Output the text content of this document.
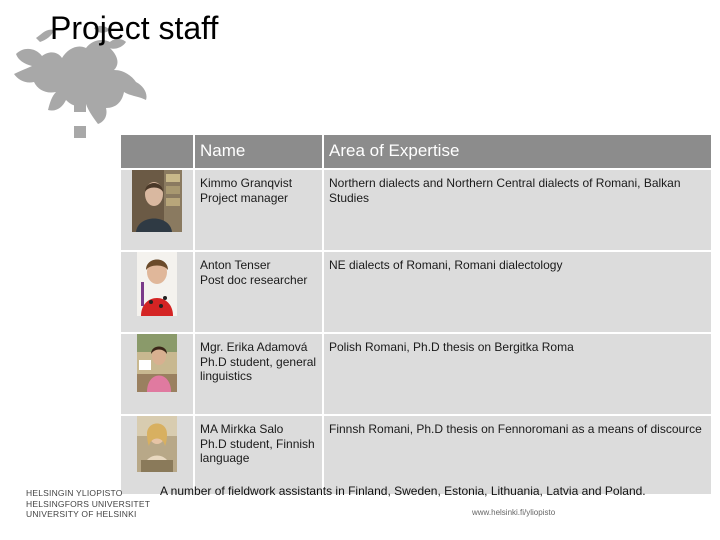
Project staff
	Name	Area of Expertise

Kimmo Granqvist
Project manager	Northern dialects and Northern Central dialects of Romani, Balkan Studies

Anton Tenser
Post doc researcher	NE dialects of Romani, Romani dialectology

Mgr. Erika Adamová
Ph.D student, general
linguistics	Polish Romani, Ph.D thesis on Bergitka Roma

MA Mirkka Salo
Ph.D student, Finnish
language	Finnsh Romani, Ph.D thesis on Fennoromani as a means of discource
A number of fieldwork assistants in Finland, Sweden, Estonia, Lithuania, Latvia and Poland.
HELSINGIN YLIOPISTO
HELSINGFORS UNIVERSITET
UNIVERSITY OF HELSINKI	www.helsinki.fi/yliopisto
